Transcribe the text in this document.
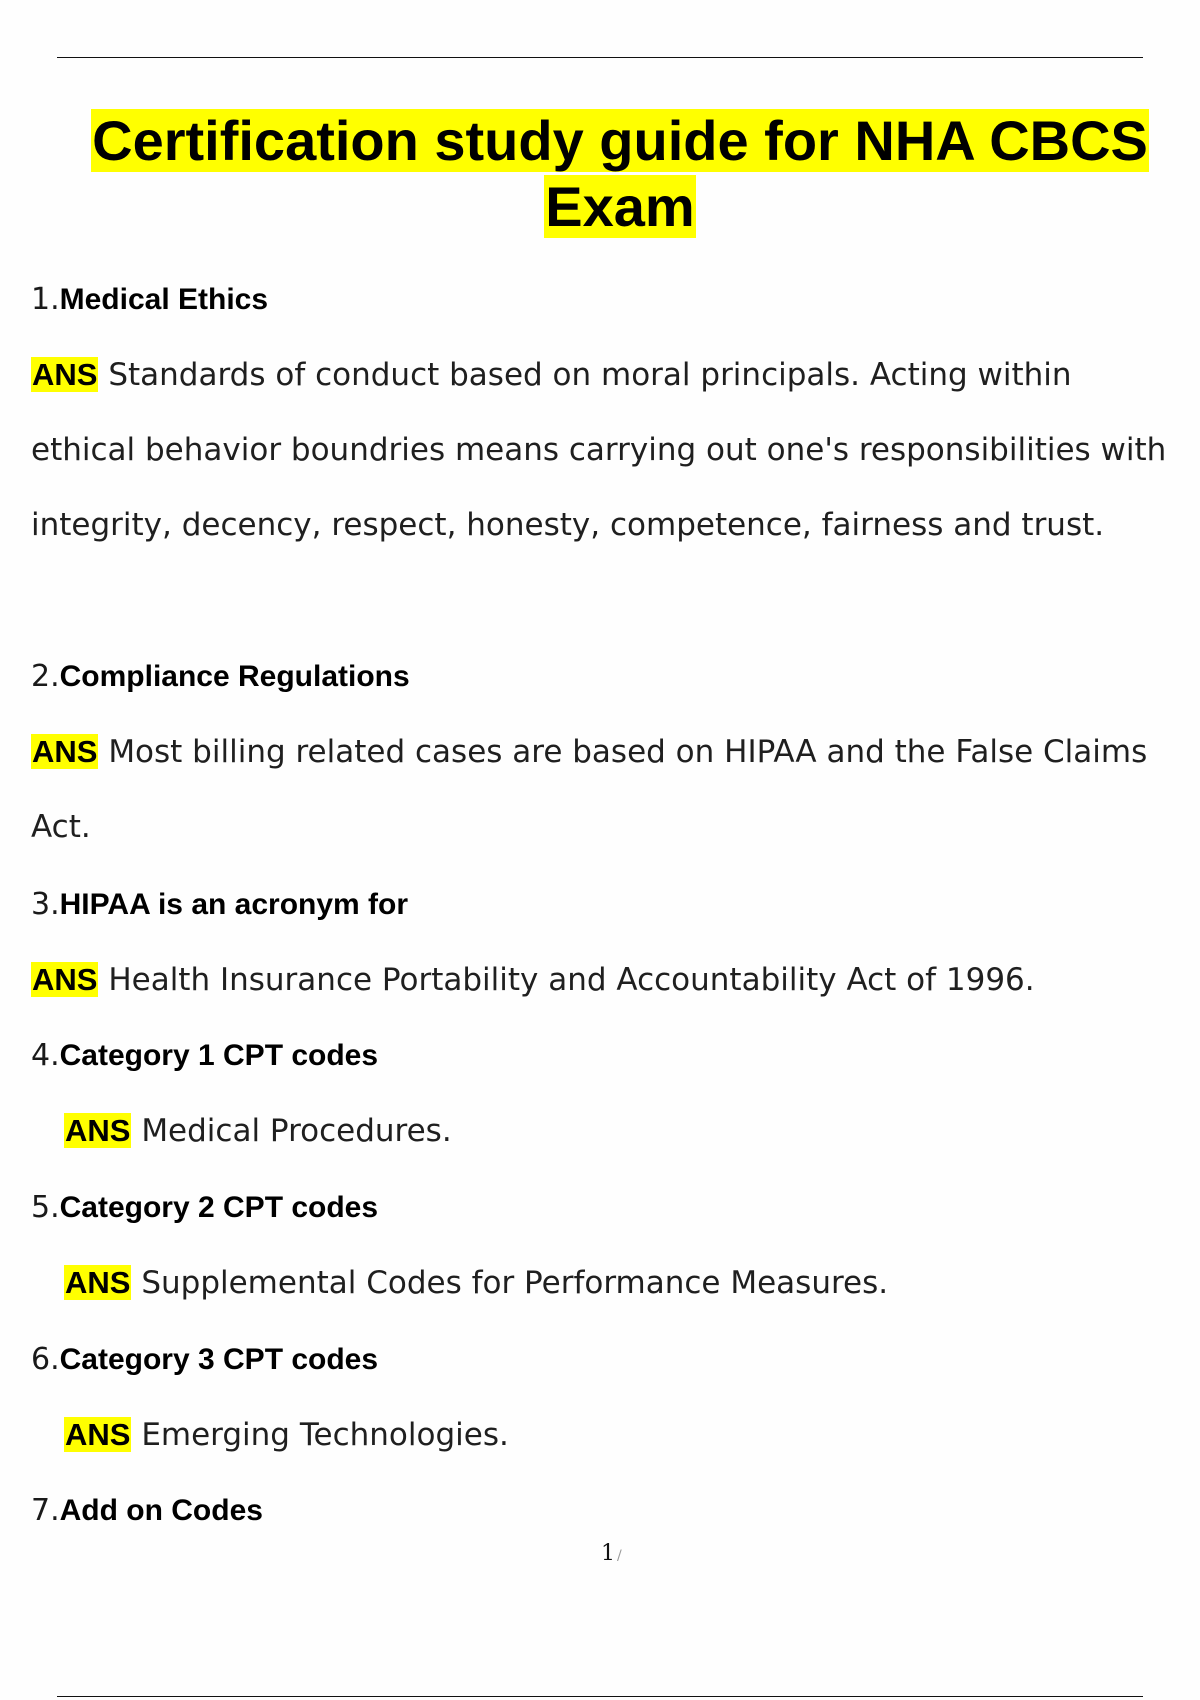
Certification study guide for NHA CBCS
Exam
1.Medical Ethics
ANS Standards of conduct based on moral principals. Acting within ethical behavior boundries means carrying out one's responsibilities with integrity, decency, respect, honesty, competence, fairness and trust.
2.Compliance Regulations
ANS Most billing related cases are based on HIPAA and the False Claims Act.
3.HIPAA is an acronym for
ANS Health Insurance Portability and Accountability Act of 1996.
4.Category 1 CPT codes
ANS Medical Procedures.
5.Category 2 CPT codes
ANS Supplemental Codes for Performance Measures.
6.Category 3 CPT codes
ANS Emerging Technologies.
7.Add on Codes
1 /
